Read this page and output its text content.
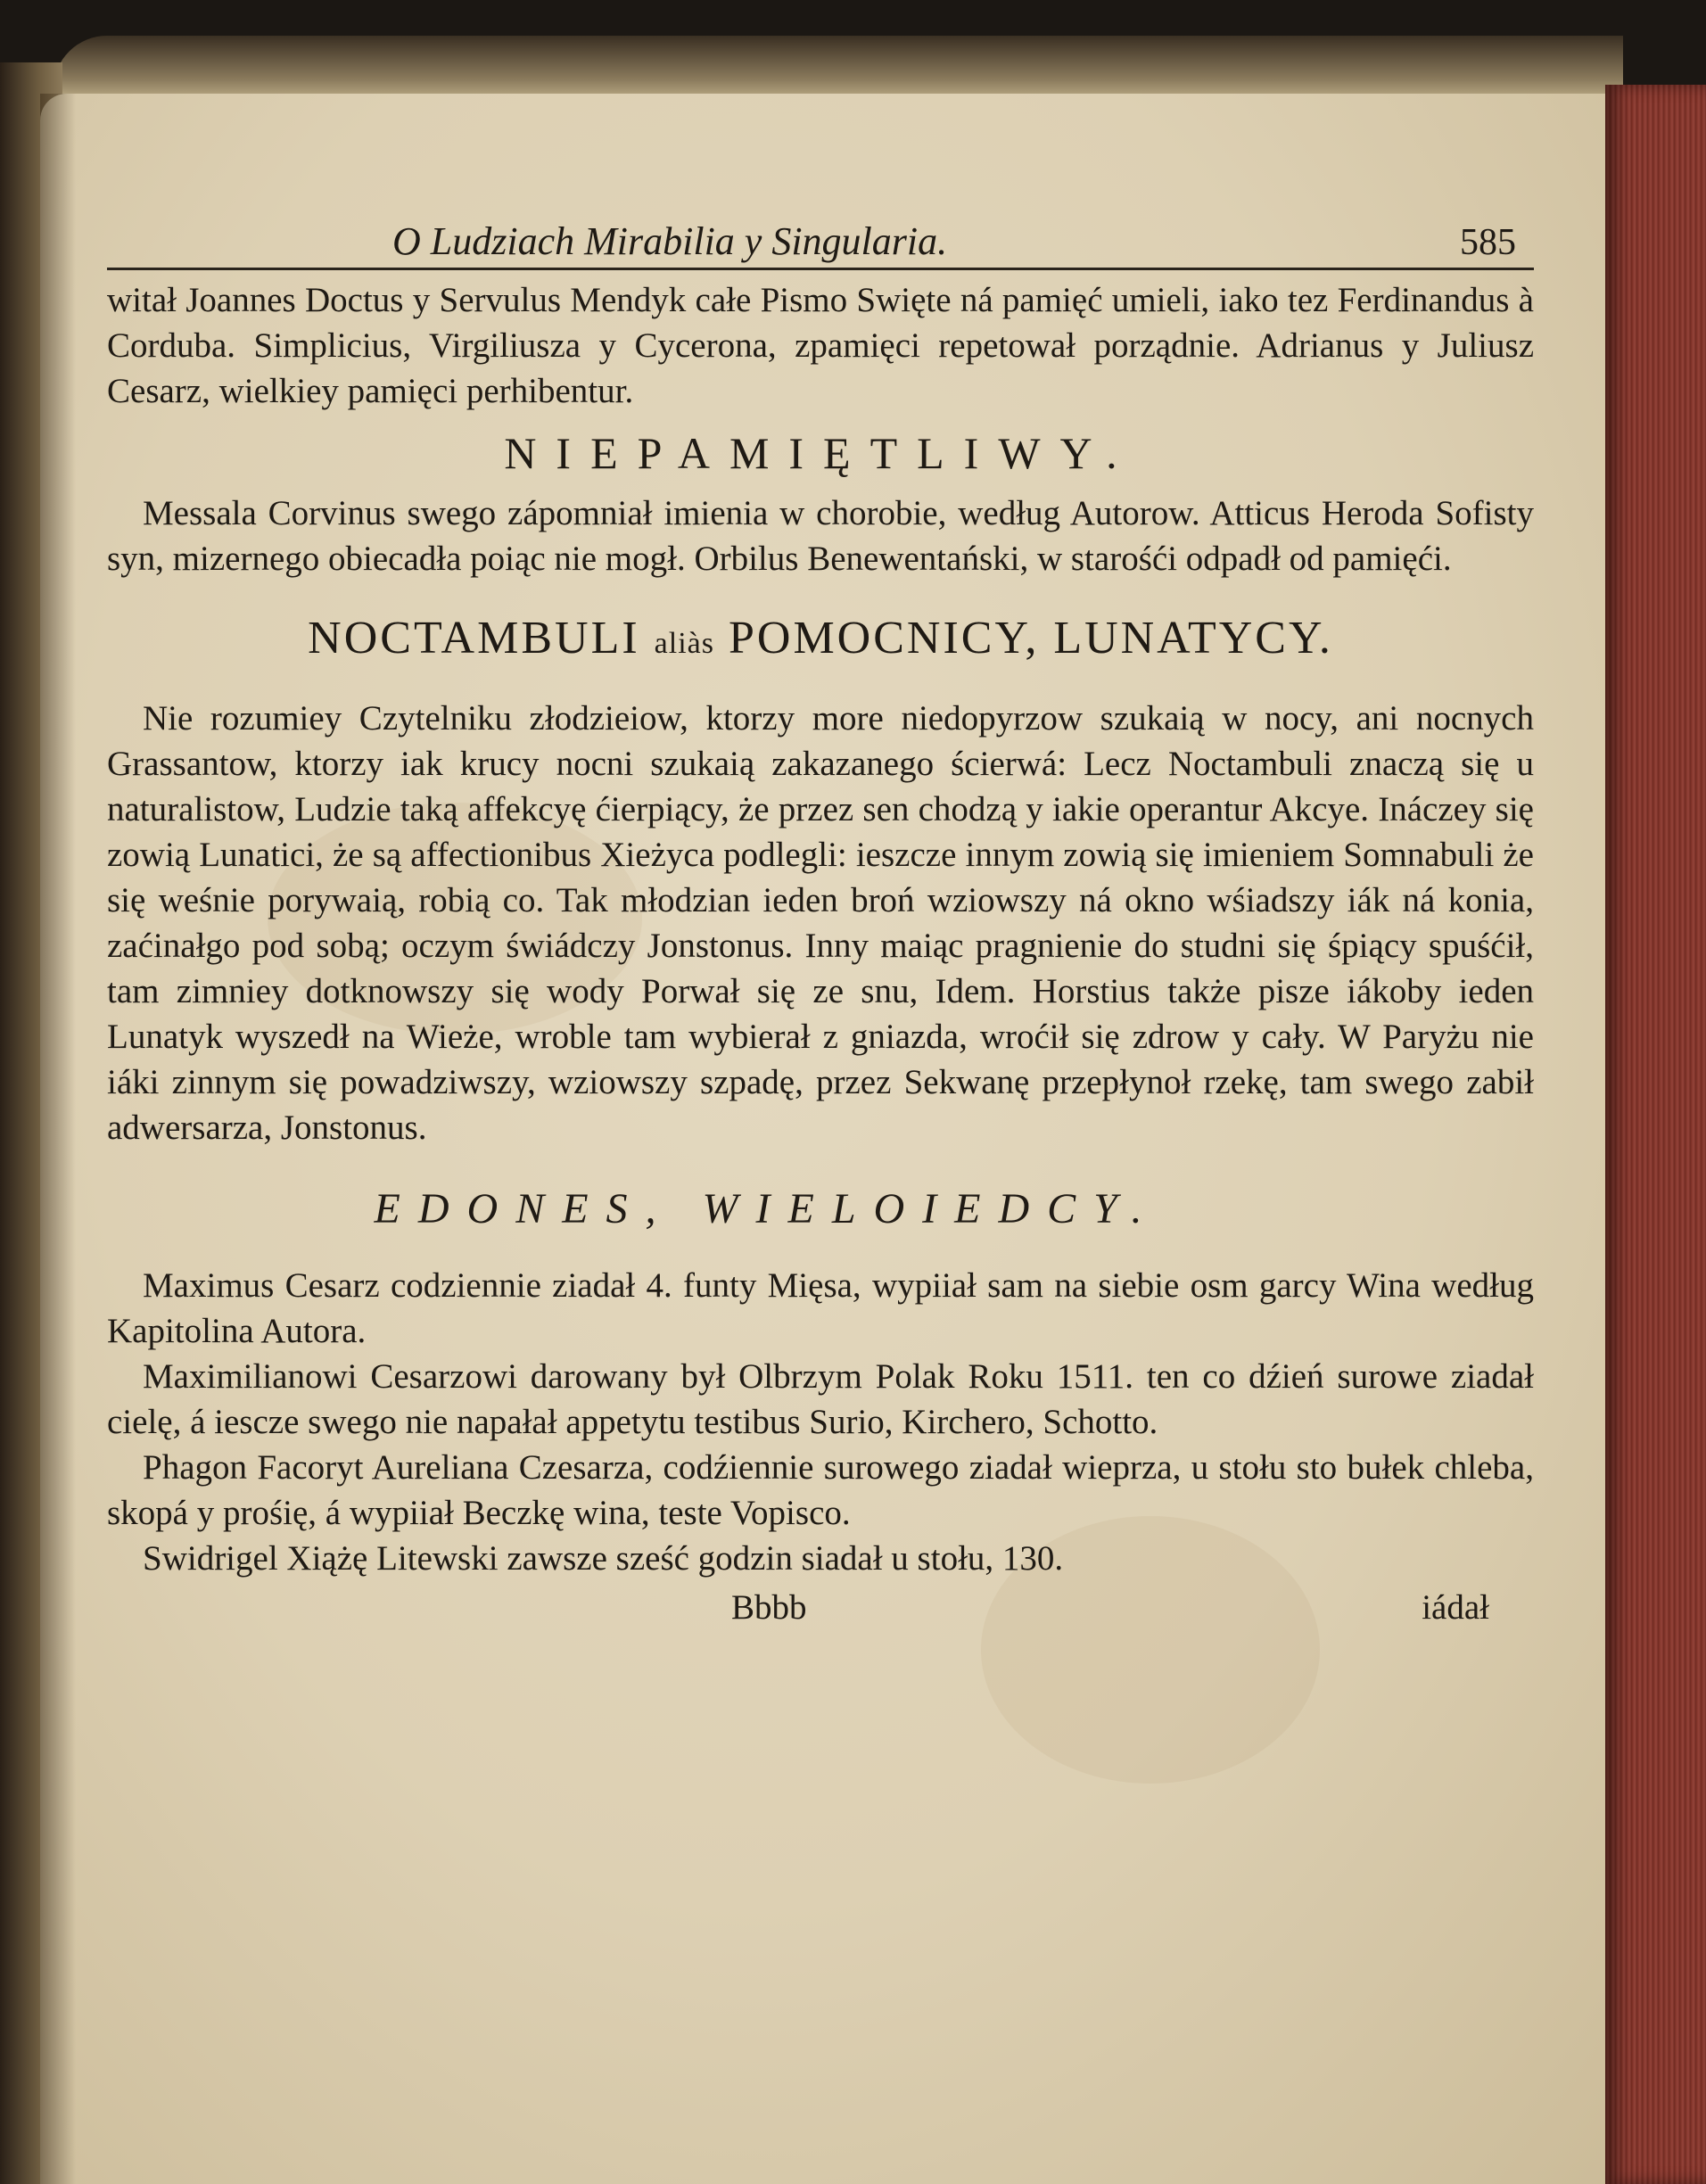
O Ludziach Mirabilia y Singularia.	585

witał Joannes Doctus y Servulus Mendyk całe Pismo Swięte ná pamięć umieli, iako tez Ferdinandus à Corduba. Simplicius, Virgiliusza y Cycerona, zpamięci repetował porządnie. Adrianus y Juliusz Cesarz, wielkiey pamięci perhibentur.

NIEPAMIĘTLIWY.

Messala Corvinus swego zápomniał imienia w chorobie, według Autorow. Atticus Heroda Sofisty syn, mizernego obiecadła poiąc nie mogł. Orbilus Benewentański, w starośći odpadł od pamięći.

NOCTAMBULI aliàs POMOCNICY, LUNATYCY.

Nie rozumiey Czytelniku złodzieiow, ktorzy more niedopyrzow szukaią w nocy, ani nocnych Grassantow, ktorzy iak krucy nocni szukaią zakazanego ścierwá: Lecz Noctambuli znaczą się u naturalistow, Ludzie taką affekcyę ćierpiący, że przez sen chodzą y iakie operantur Akcye. Ináczey się zowią Lunatici, że są affectionibus Xieżyca podlegli: ieszcze innym zowią się imieniem Somnabuli że się weśnie porywaią, robią co. Tak młodzian ieden broń wziowszy ná okno wśiadszy iák ná konia, zaćinałgo pod sobą; oczym świádczy Jonstonus. Inny maiąc pragnienie do studni się śpiący spuśćił, tam zimniey dotknowszy się wody Porwał się ze snu, Idem. Horstius także pisze iákoby ieden Lunatyk wyszedł na Wieże, wroble tam wybierał z gniazda, wroćił się zdrow y cały. W Paryżu nie iáki zinnym się powadziwszy, wziowszy szpadę, przez Sekwanę przepłynoł rzekę, tam swego zabił adwersarza, Jonstonus.

EDONES, WIELOIEDCY.

Maximus Cesarz codziennie ziadał 4. funty Mięsa, wypiiał sam na siebie osm garcy Wina według Kapitolina Autora.

Maximilianowi Cesarzowi darowany był Olbrzym Polak Roku 1511. ten co dźień surowe ziadał cielę, á iescze swego nie napałał appetytu testibus Surio, Kirchero, Schotto.

Phagon Facoryt Aureliana Czesarza, codźiennie surowego ziadał wieprza, u stołu sto bułek chleba, skopá y prośię, á wypiiał Beczkę wina, teste Vopisco.

Swidrigel Xiążę Litewski zawsze sześć godzin siadał u stołu, 130.

Bbbb	iádał
